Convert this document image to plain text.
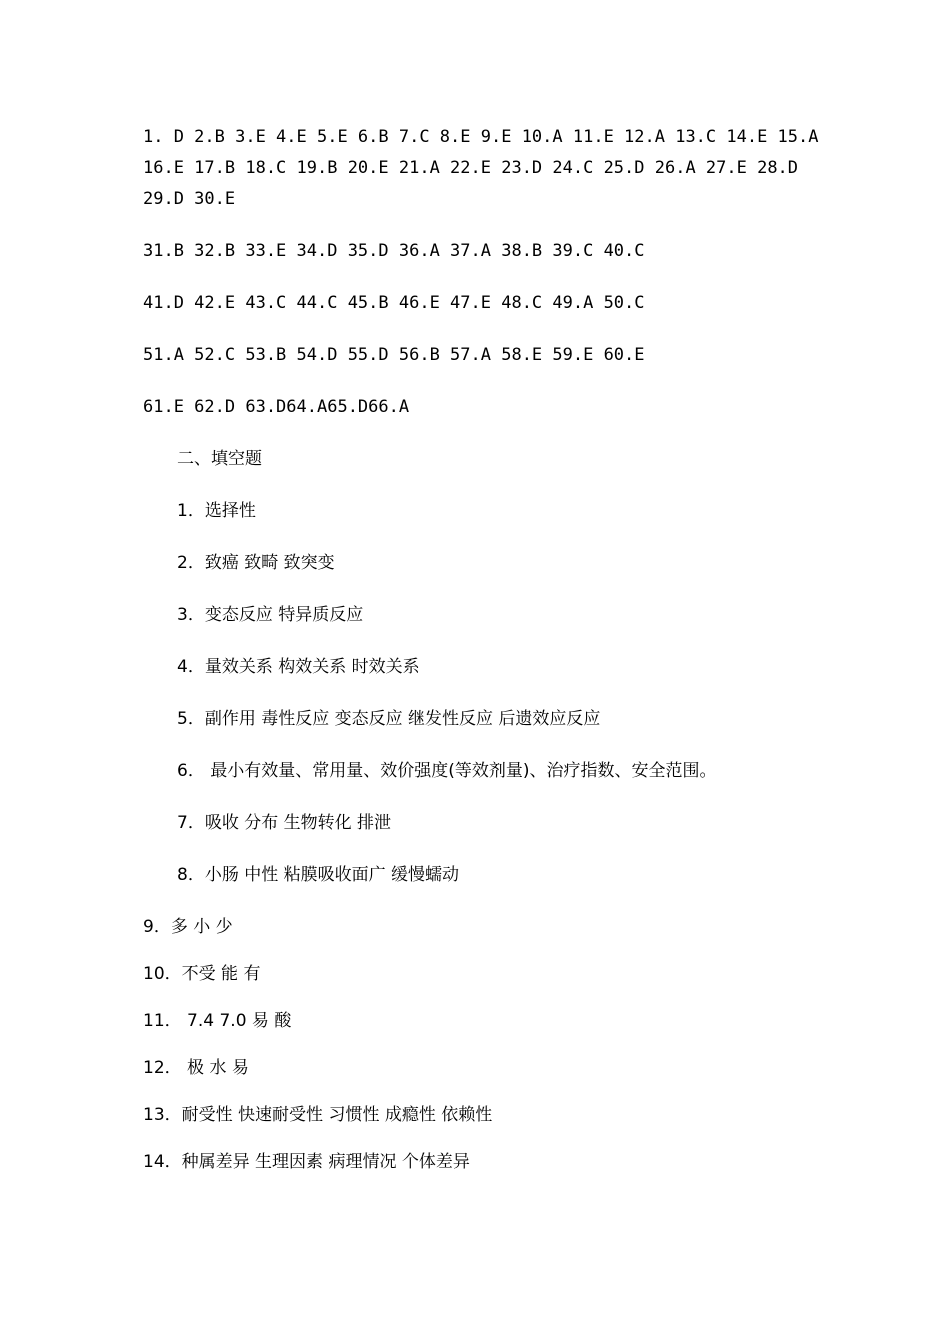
1. D 2.B 3.E 4.E 5.E 6.B 7.C 8.E 9.E 10.A 11.E 12.A 13.C 14.E 15.A 16.E 17.B 18.C 19.B 20.E 21.A 22.E 23.D 24.C 25.D 26.A 27.E 28.D 29.D 30.E

31.B 32.B 33.E 34.D 35.D 36.A 37.A 38.B 39.C 40.C

41.D 42.E 43.C 44.C 45.B 46.E 47.E 48.C 49.A 50.C

51.A 52.C 53.B 54.D 55.D 56.B 57.A 58.E 59.E 60.E

61.E 62.D 63.D64.A65.D66.A

二、填空题

1．选择性

2．致癌 致畸 致突变

3．变态反应 特异质反应

4．量效关系 构效关系 时效关系

5．副作用 毒性反应 变态反应 继发性反应 后遗效应反应

6． 最小有效量、常用量、效价强度(等效剂量)、治疗指数、安全范围。

7．吸收 分布 生物转化 排泄

8．小肠 中性 粘膜吸收面广 缓慢蠕动

9．多 小 少

10．不受 能 有

11． 7.4 7.0 易 酸

12． 极 水 易

13．耐受性 快速耐受性 习惯性 成瘾性 依赖性

14．种属差异 生理因素 病理情况 个体差异
